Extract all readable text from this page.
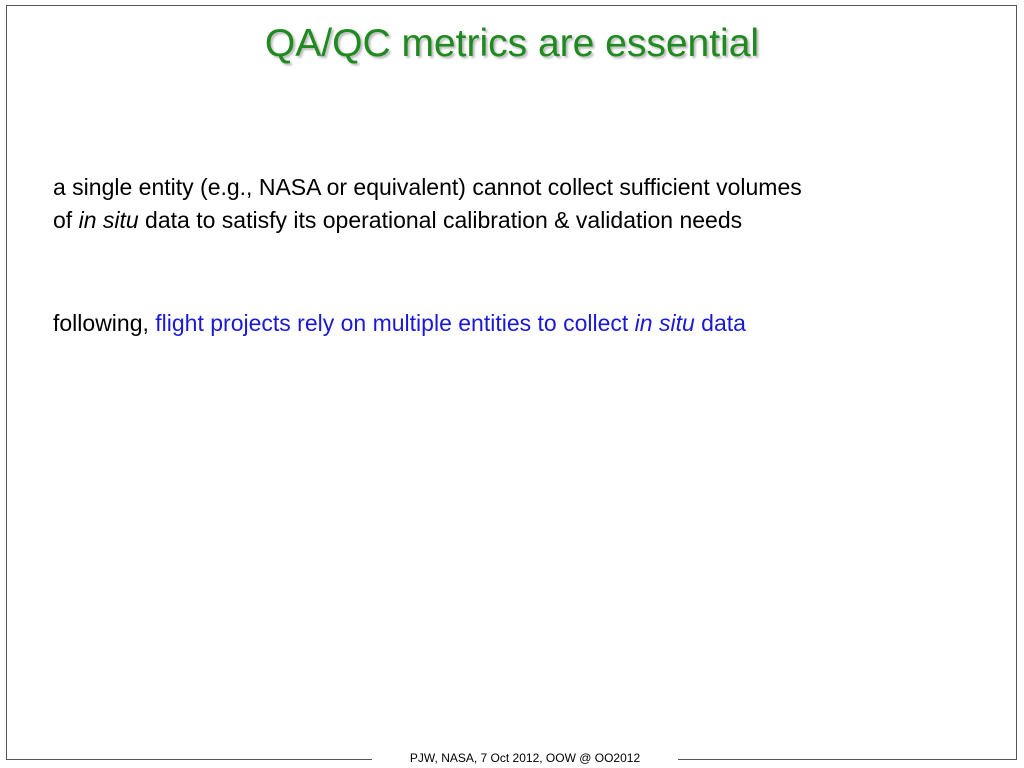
QA/QC metrics are essential
a single entity (e.g., NASA or equivalent) cannot collect sufficient volumes
of in situ data to satisfy its operational calibration & validation needs
following, flight projects rely on multiple entities to collect in situ data
PJW, NASA, 7 Oct 2012, OOW @ OO2012
